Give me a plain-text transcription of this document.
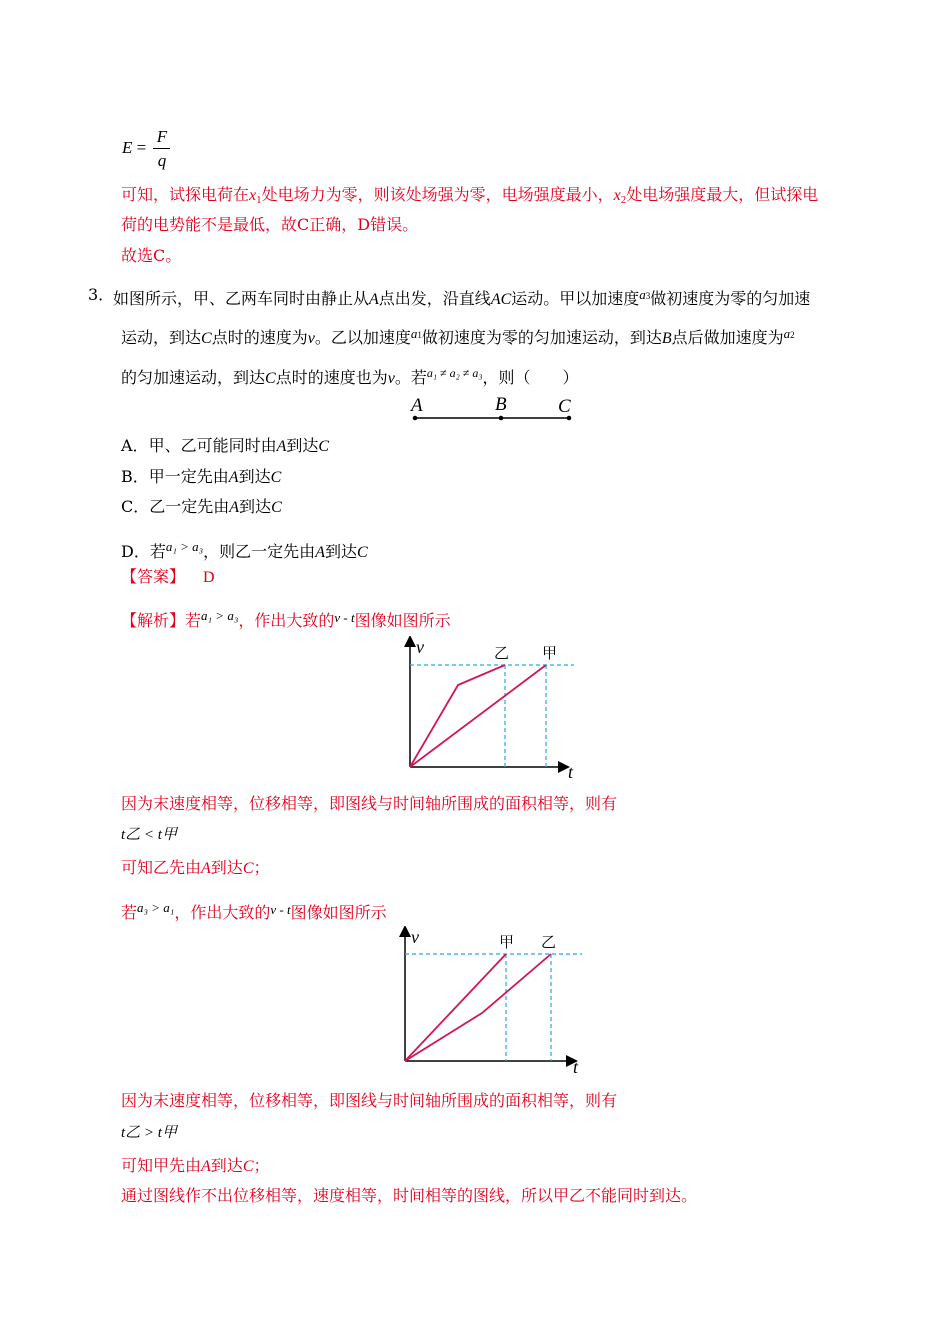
E =
F
q
可知，试探电荷在$x_1$处电场力为零，则该处场强为零，电场强度最小，$x_2$处电场强度最大，但试探电
荷的电势能不是最低，故C正确，D错误。
故选C。
3．
如图所示，甲、乙两车同时由静止从A点出发，沿直线AC运动。甲以加速度$^{a3}$做初速度为零的匀加速
运动，到达C点时的速度为v。乙以加速度$^{a1}$做初速度为零的匀加速运动，到达B点后做加速度为$^{a2}$
的匀加速运动，到达C点时的速度也为v。若$^{a_1 \ne a_2 \ne a_3}$，则（　　）
A	B	C
A．甲、乙可能同时由A到达C
B．甲一定先由A到达C
C．乙一定先由A到达C
D．若$^{a_1 > a_3}$，则乙一定先由A到达C
【答案】 D
【解析】若$^{a_1 > a_3}$，作出大致的$^{v - t}$图像如图所示
v
t
乙 甲
因为末速度相等，位移相等，即图线与时间轴所围成的面积相等，则有
t乙 < t甲
可知乙先由A到达C；
若$^{a_3 > a_1}$，作出大致的$^{v - t}$图像如图所示
v
t
甲 乙
因为末速度相等，位移相等，即图线与时间轴所围成的面积相等，则有
t乙 > t甲
可知甲先由A到达C；
通过图线作不出位移相等，速度相等，时间相等的图线，所以甲乙不能同时到达。
